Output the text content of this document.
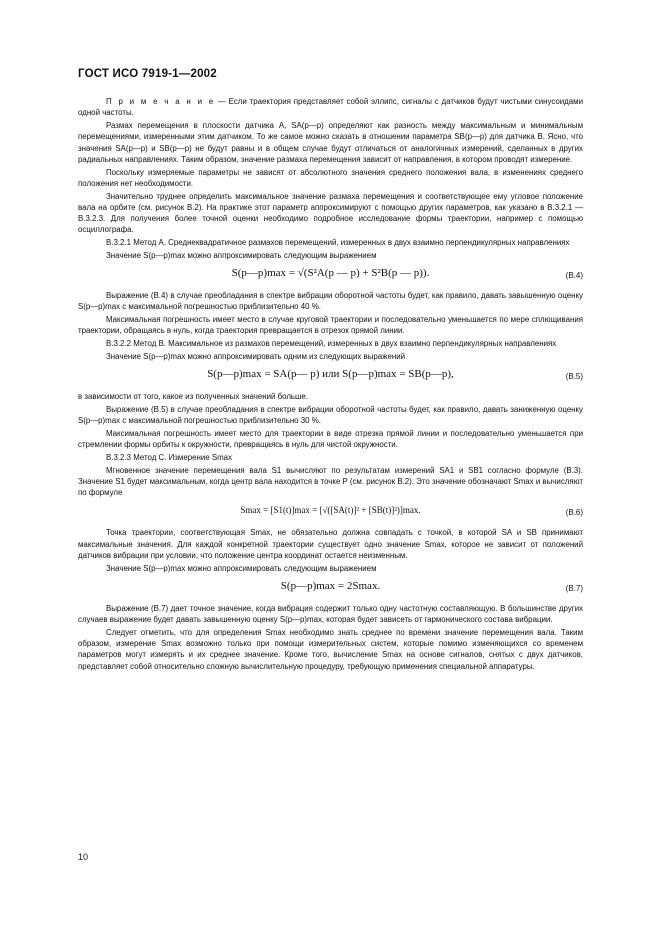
ГОСТ ИСО 7919-1—2002

П р и м е ч а н и е — Если траектория представляет собой эллипс, сигналы с датчиков будут чистыми синусоидами одной частоты.

Размах перемещения в плоскости датчика A, SA(p—p) определяют как разность между максимальным и минимальным перемещениями, измеренными этим датчиком. То же самое можно сказать в отношении параметра SB(p—p) для датчика B. Ясно, что значения SA(p—p) и SB(p—p) не будут равны и в общем случае будут отличаться от аналогичных измерений, сделанных в других радиальных направлениях. Таким образом, значение размаха перемещения зависит от направления, в котором проводят измерение.

Поскольку измеряемые параметры не зависят от абсолютного значения среднего положения вала, в изменениях среднего положения нет необходимости.

Значительно труднее определить максимальное значение размаха перемещения и соответствующее ему угловое положение вала на орбите (см. рисунок В.2). На практике этот параметр аппроксимируют с помощью других параметров, как указано в В.3.2.1 — В.3.2.3. Для получения более точной оценки необходимо подробное исследование формы траектории, например с помощью осциллографа.

В.3.2.1 Метод А. Среднеквадратичное размахов перемещений, измеренных в двух взаимно перпендикулярных направлениях

Значение S(p—p)max можно аппроксимировать следующим выражением

S(p—p)max = √(S²A(p — p) + S²B(p — p)).	(В.4)

Выражение (В.4) в случае преобладания в спектре вибрации оборотной частоты будет, как правило, давать завышенную оценку S(p—p)max с максимальной погрешностью приблизительно 40 %.

Максимальная погрешность имеет место в случае круговой траектории и последовательно уменьшается по мере сплющивания траектории, обращаясь в нуль, когда траектория превращается в отрезок прямой линии.

В.3.2.2 Метод В. Максимальное из размахов перемещений, измеренных в двух взаимно перпендикулярных направлениях

Значение S(p—p)max можно аппроксимировать одним из следующих выражений

S(p—p)max = SA(p— p) или S(p—p)max = SB(p—p),	(В.5)

в зависимости от того, какое из полученных значений больше.

Выражение (В.5) в случае преобладания в спектре вибрации оборотной частоты будет, как правило, давать заниженную оценку S(p—p)max с максимальной погрешностью приблизительно 30 %.

Максимальная погрешность имеет место для траектории в виде отрезка прямой линии и последовательно уменьшается при стремлении формы орбиты к окружности, превращаясь в нуль для чистой окружности.

В.3.2.3 Метод С. Измерение Smax

Мгновенное значение перемещения вала S1 вычисляют по результатам измерений SA1 и SB1 согласно формуле (В.3). Значение S1 будет максимальным, когда центр вала находится в точке P (см. рисунок В.2). Это значение обозначают Smax и вычисляют по формуле

Smax = [S1(t)]max = [√([SA(t)]² + [SB(t)]²)]max.	(В.6)

Точка траектории, соответствующая Smax, не обязательно должна совпадать с точкой, в которой SA и SB принимают максимальные значения. Для каждой конкретной траектории существует одно значение Smax, которое не зависит от положений датчиков вибрации при условии, что положение центра координат остается неизменным.

Значение S(p—p)max можно аппроксимировать следующим выражением

S(p—p)max = 2Smax.	(В.7)

Выражение (В.7) дает точное значение, когда вибрация содержит только одну частотную составляющую. В большинстве других случаев выражение будет давать завышенную оценку S(p—p)max, которая будет зависеть от гармонического состава вибрации.

Следует отметить, что для определения Smax необходимо знать среднее по времени значение перемещения вала. Таким образом, измерение Smax возможно только при помощи измерительных систем, которые помимо изменяющихся со временем параметров могут измерять и их среднее значение. Кроме того, вычисление Smax на основе сигналов, снятых с двух датчиков, представляет собой относительно сложную вычислительную процедуру, требующую применения специальной аппаратуры.

10
